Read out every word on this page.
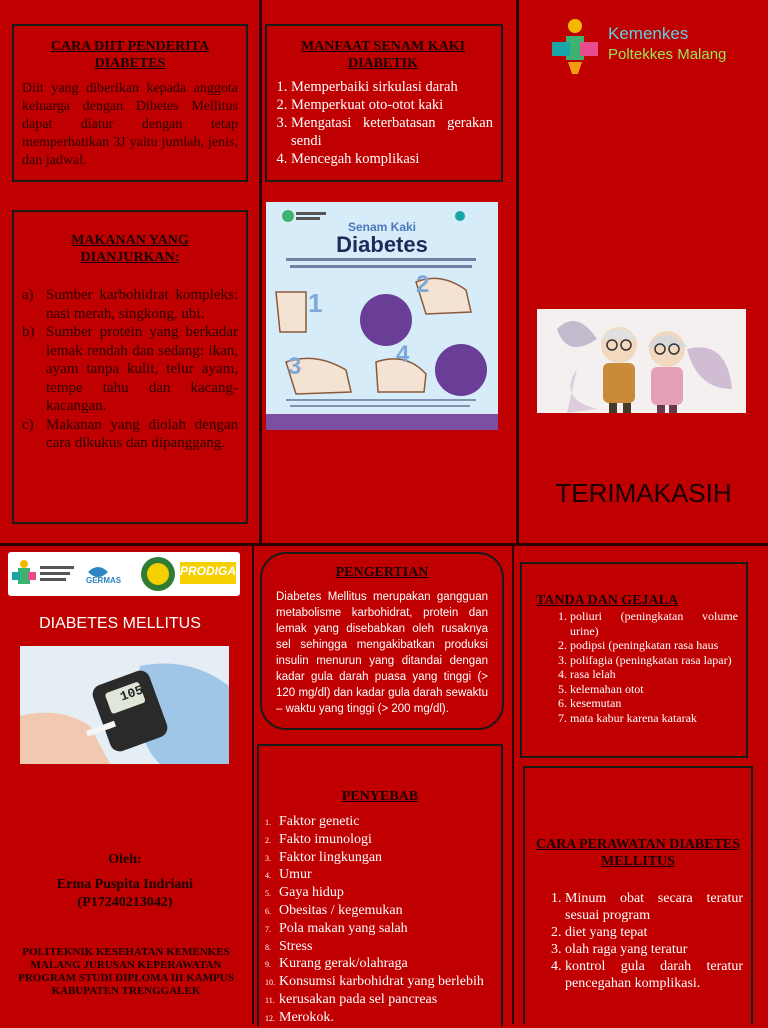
CARA DIIT PENDERITA DIABETES
Diit yang diberikan kepada anggota keluarga dengan Dibetes Mellitus dapat diatur dengan tetap memperhatikan 3J yaitu jumlah, jenis, dan jadwal.
MAKANAN YANG DIANJURKAN:
a) Sumber karbohidrat kompleks: nasi merah, singkong, ubi.
b) Sumber protein yang berkadar lemak rendah dan sedang: ikan, ayam tanpa kulit, telur ayam, tempe tahu dan kacang-kacangan.
c) Makanan yang diolah dengan cara dikukus dan dipanggang.
MANFAAT SENAM KAKI DIABETIK
1. Memperbaiki sirkulasi darah
2. Memperkuat oto-otot kaki
3. Mengatasi keterbatasan gerakan sendi
4. Mencegah komplikasi
1
2
3	4
Senam Kaki
Diabetes
Kemenkes
Poltekkes Malang
TERIMAKASIH
GERMAS
PRODIGA
DIABETES MELLITUS
105
Oleh:
Erma Puspita Indriani
(P17240213042)
POLITEKNIK KESEHATAN KEMENKES MALANG JURUSAN KEPERAWATAN PROGRAM STUDI DIPLOMA III KAMPUS KABUPATEN TRENGGALEK
PENGERTIAN
Diabetes Mellitus merupakan gangguan metabolisme karbohidrat, protein dan lemak yang disebabkan oleh rusaknya sel sehingga mengakibatkan produksi insulin menurun yang ditandai dengan kadar gula darah puasa yang tinggi (> 120 mg/dl) dan kadar gula darah sewaktu – waktu yang tinggi (> 200 mg/dl).
PENYEBAB
1. Faktor genetic
2. Fakto imunologi
3. Faktor lingkungan
4. Umur
5. Gaya hidup
6. Obesitas / kegemukan
7. Pola makan yang salah
8. Stress
9. Kurang gerak/olahraga
10. Konsumsi karbohidrat yang berlebih
11. kerusakan pada sel pancreas
12. Merokok.
TANDA DAN GEJALA
1. poliuri (peningkatan volume urine)
2. podipsi (peningkatan rasa haus
3. polifagia (peningkatan rasa lapar)
4. rasa lelah
5. kelemahan otot
6. kesemutan
7. mata kabur karena katarak
CARA PERAWATAN DIABETES MELLITUS
1. Minum obat secara teratur sesuai program
2. diet yang tepat
3. olah raga yang teratur
4. kontrol gula darah teratur pencegahan komplikasi.
